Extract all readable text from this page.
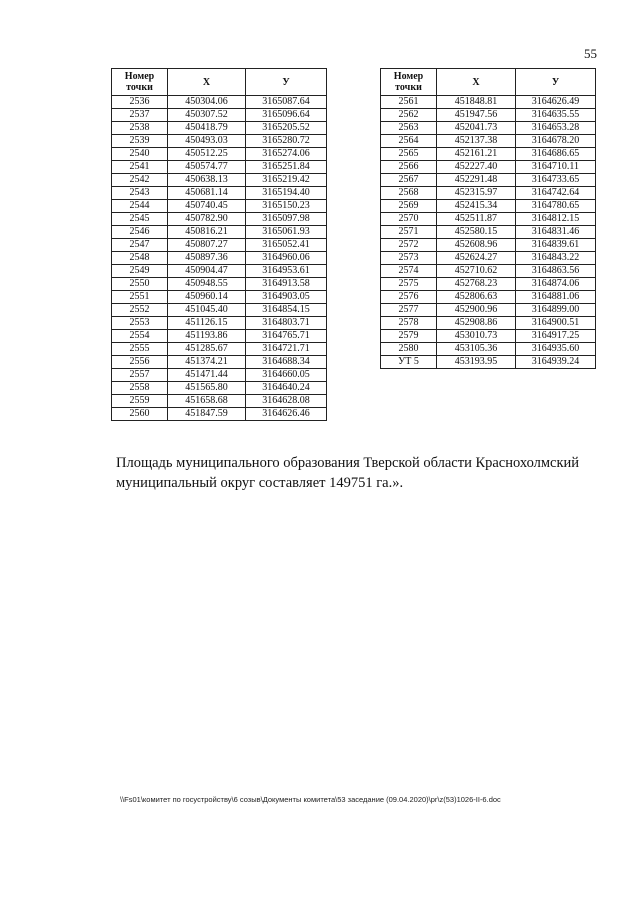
55
Номер точки	X	У
2536	450304.06	3165087.64
2537	450307.52	3165096.64
2538	450418.79	3165205.52
2539	450493.03	3165280.72
2540	450512.25	3165274.06
2541	450574.77	3165251.84
2542	450638.13	3165219.42
2543	450681.14	3165194.40
2544	450740.45	3165150.23
2545	450782.90	3165097.98
2546	450816.21	3165061.93
2547	450807.27	3165052.41
2548	450897.36	3164960.06
2549	450904.47	3164953.61
2550	450948.55	3164913.58
2551	450960.14	3164903.05
2552	451045.40	3164854.15
2553	451126.15	3164803.71
2554	451193.86	3164765.71
2555	451285.67	3164721.71
2556	451374.21	3164688.34
2557	451471.44	3164660.05
2558	451565.80	3164640.24
2559	451658.68	3164628.08
2560	451847.59	3164626.46
Номер точки	X	У
2561	451848.81	3164626.49
2562	451947.56	3164635.55
2563	452041.73	3164653.28
2564	452137.38	3164678.20
2565	452161.21	3164686.65
2566	452227.40	3164710.11
2567	452291.48	3164733.65
2568	452315.97	3164742.64
2569	452415.34	3164780.65
2570	452511.87	3164812.15
2571	452580.15	3164831.46
2572	452608.96	3164839.61
2573	452624.27	3164843.22
2574	452710.62	3164863.56
2575	452768.23	3164874.06
2576	452806.63	3164881.06
2577	452900.96	3164899.00
2578	452908.86	3164900.51
2579	453010.73	3164917.25
2580	453105.36	3164935.60
УТ 5	453193.95	3164939.24
Площадь муниципального образования Тверской области Краснохолмский муниципальный округ составляет 149751 га.».
\\Fs01\комитет по госустройству\6 созыв\Документы комитета\53 заседание (09.04.2020)\pr\z(53)1026-II-6.doc
